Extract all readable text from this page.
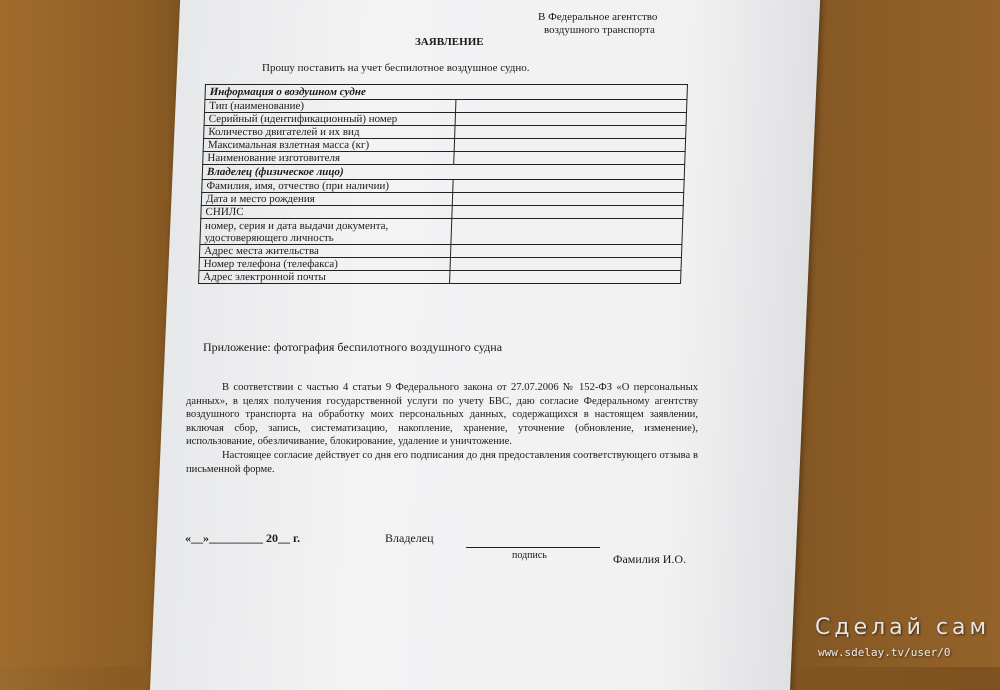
В Федеральное агентство
воздушного транспорта
ЗАЯВЛЕНИЕ
Прошу поставить на учет беспилотное воздушное судно.
Информация о воздушном судне	
Тип (наименование)	
Серийный (идентификационный) номер	
Количество двигателей и их вид	
Максимальная взлетная масса (кг)	
Наименование изготовителя	
Владелец (физическое лицо)	
Фамилия, имя, отчество (при наличии)	
Дата и место рождения	
СНИЛС	
номер, серия и дата выдачи документа, удостоверяющего личность	
Адрес места жительства	
Номер телефона (телефакса)	
Адрес электронной почты	
Приложение: фотография беспилотного воздушного судна

В соответствии с частью 4 статьи 9 Федерального закона от 27.07.2006 № 152-ФЗ «О персональных данных», в целях получения государственной услуги по учету БВС, даю согласие Федеральному агентству воздушного транспорта на обработку моих персональных данных, содержащихся в настоящем заявлении, включая сбор, запись, систематизацию, накопление, хранение, уточнение (обновление, изменение), использование, обезличивание, блокирование, удаление и уничтожение.

Настоящее согласие действует со дня его подписания до дня предоставления соответствующего отзыва в письменной форме.

«__»_________ 20__ г.	Владелец
подпись	Фамилия И.О.
Сделай сам
www.sdelay.tv/user/0
